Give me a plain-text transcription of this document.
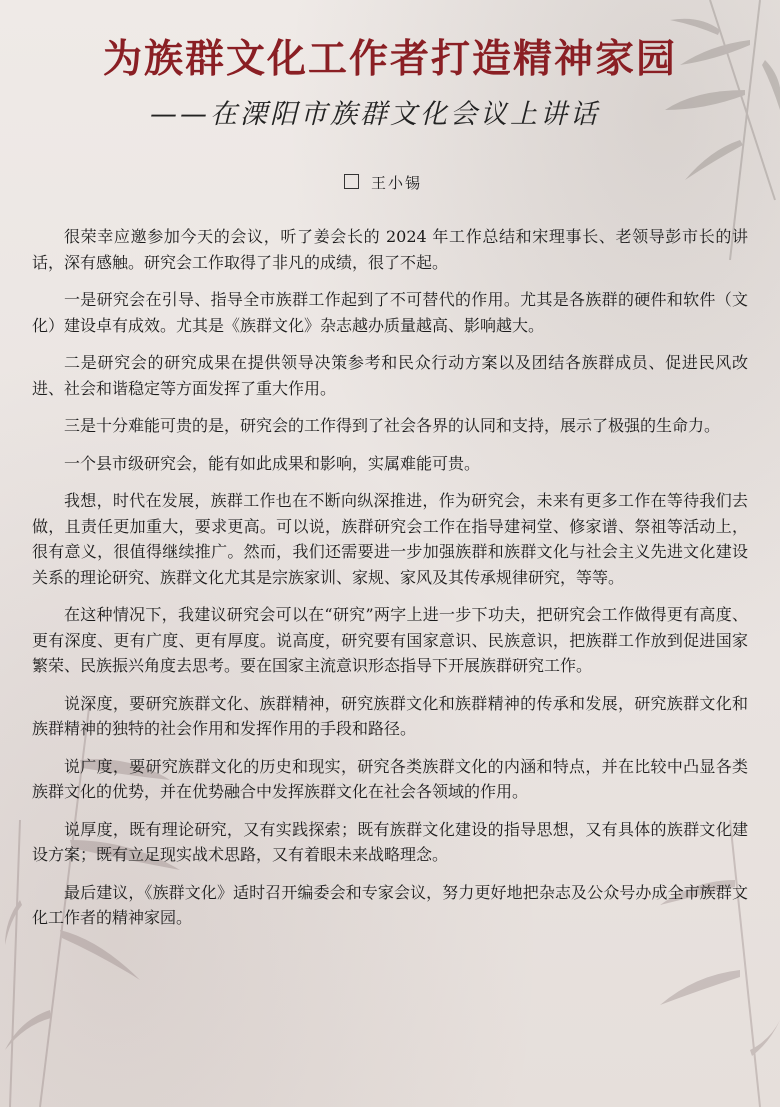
为族群文化工作者打造精神家园
——在溧阳市族群文化会议上讲话
王小锡

很荣幸应邀参加今天的会议，听了姜会长的 2024 年工作总结和宋理事长、老领导彭市长的讲话，深有感触。研究会工作取得了非凡的成绩，很了不起。

一是研究会在引导、指导全市族群工作起到了不可替代的作用。尤其是各族群的硬件和软件（文化）建设卓有成效。尤其是《族群文化》杂志越办质量越高、影响越大。

二是研究会的研究成果在提供领导决策参考和民众行动方案以及团结各族群成员、促进民风改进、社会和谐稳定等方面发挥了重大作用。

三是十分难能可贵的是，研究会的工作得到了社会各界的认同和支持，展示了极强的生命力。

一个县市级研究会，能有如此成果和影响，实属难能可贵。

我想，时代在发展，族群工作也在不断向纵深推进，作为研究会，未来有更多工作在等待我们去做，且责任更加重大，要求更高。可以说，族群研究会工作在指导建祠堂、修家谱、祭祖等活动上，很有意义，很值得继续推广。然而，我们还需要进一步加强族群和族群文化与社会主义先进文化建设关系的理论研究、族群文化尤其是宗族家训、家规、家风及其传承规律研究，等等。

在这种情况下，我建议研究会可以在“研究”两字上进一步下功夫，把研究会工作做得更有高度、更有深度、更有广度、更有厚度。说高度，研究要有国家意识、民族意识，把族群工作放到促进国家繁荣、民族振兴角度去思考。要在国家主流意识形态指导下开展族群研究工作。

说深度，要研究族群文化、族群精神，研究族群文化和族群精神的传承和发展，研究族群文化和族群精神的独特的社会作用和发挥作用的手段和路径。

说广度，要研究族群文化的历史和现实，研究各类族群文化的内涵和特点，并在比较中凸显各类族群文化的优势，并在优势融合中发挥族群文化在社会各领域的作用。

说厚度，既有理论研究，又有实践探索；既有族群文化建设的指导思想，又有具体的族群文化建设方案；既有立足现实战术思路，又有着眼未来战略理念。

最后建议，《族群文化》适时召开编委会和专家会议，努力更好地把杂志及公众号办成全市族群文化工作者的精神家园。
